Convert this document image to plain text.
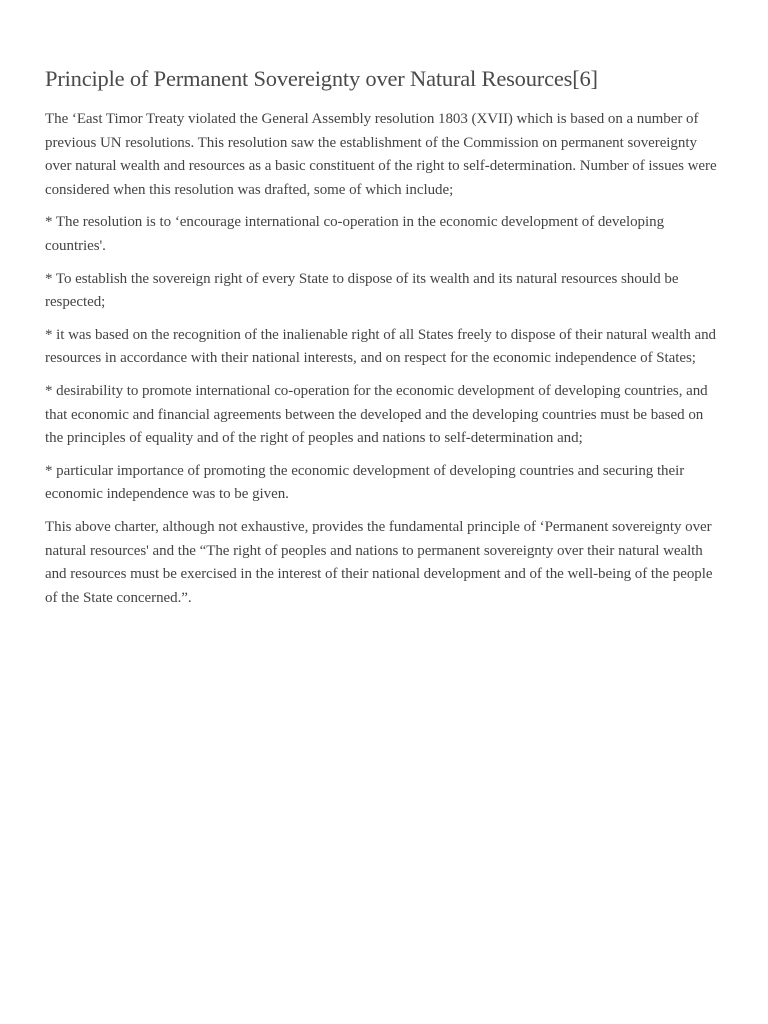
Principle of Permanent Sovereignty over Natural Resources[6]

The ‘East Timor Treaty violated the General Assembly resolution 1803 (XVII) which is based on a number of previous UN resolutions. This resolution saw the establishment of the Commission on permanent sovereignty over natural wealth and resources as a basic constituent of the right to self-determination. Number of issues were considered when this resolution was drafted, some of which include;

* The resolution is to ‘encourage international co-operation in the economic development of developing countries'.

* To establish the sovereign right of every State to dispose of its wealth and its natural resources should be respected;

* it was based on the recognition of the inalienable right of all States freely to dispose of their natural wealth and resources in accordance with their national interests, and on respect for the economic independence of States;

* desirability to promote international co-operation for the economic development of developing countries, and that economic and financial agreements between the developed and the developing countries must be based on the principles of equality and of the right of peoples and nations to self-determination and;

* particular importance of promoting the economic development of developing countries and securing their economic independence was to be given.

This above charter, although not exhaustive, provides the fundamental principle of ‘Permanent sovereignty over natural resources' and the “The right of peoples and nations to permanent sovereignty over their natural wealth and resources must be exercised in the interest of their national development and of the well-being of the people of the State concerned.”.
